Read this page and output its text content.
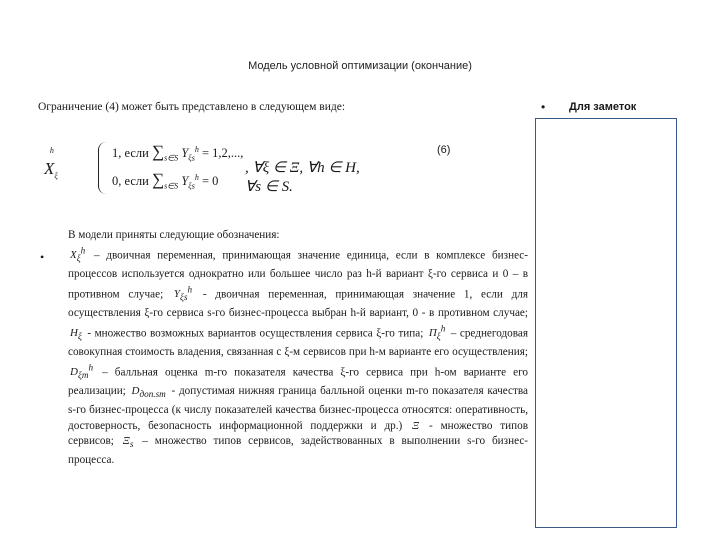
Модель условной оптимизации (окончание)
Ограничение (4) может быть представлено в следующем виде:
$X_\xi^h$	1, если $\sum_{s\in S}$ $Y_{\xi s}^h = 1,2$,...,
0, если $\sum_{s\in S}$ $Y_{\xi s}^h = 0$
, ∀ξ ∈ Ξ, ∀h ∈ H, ∀s ∈ S.
(6)
•

В модели приняты следующие обозначения:

$X_\xi^h$ – двоичная переменная, принимающая значение единица, если в комплексе бизнес-процессов используется однократно или большее число раз h-й вариант ξ-го сервиса и 0 – в противном случае; $Y_{\xi s}^h$ - двоичная переменная, принимающая значение 1, если для осуществления ξ-го сервиса s-го бизнес-процесса выбран h-й вариант, 0 - в противном случае; $H_\xi$ - множество возможных вариантов осуществления сервиса ξ-го типа; $\Pi_\xi^h$ – среднегодовая совокупная стоимость владения, связанная с ξ-м сервисов при h-м варианте его осуществления; $D_{\xi m}^h$ – балльная оценка m-го показателя качества ξ-го сервиса при h-ом варианте его реализации; $D_{доп.sm}$ - допустимая нижняя граница балльной оценки m-го показателя качества s-го бизнес-процесса (к числу показателей качества бизнес-процесса относятся: оперативность, достоверность, безопасность информационной поддержки и др.) Ξ - множество типов сервисов; $\Xi_s$ – множество типов сервисов, задействованных в выполнении s-го бизнес-процесса.

• Для заметок
